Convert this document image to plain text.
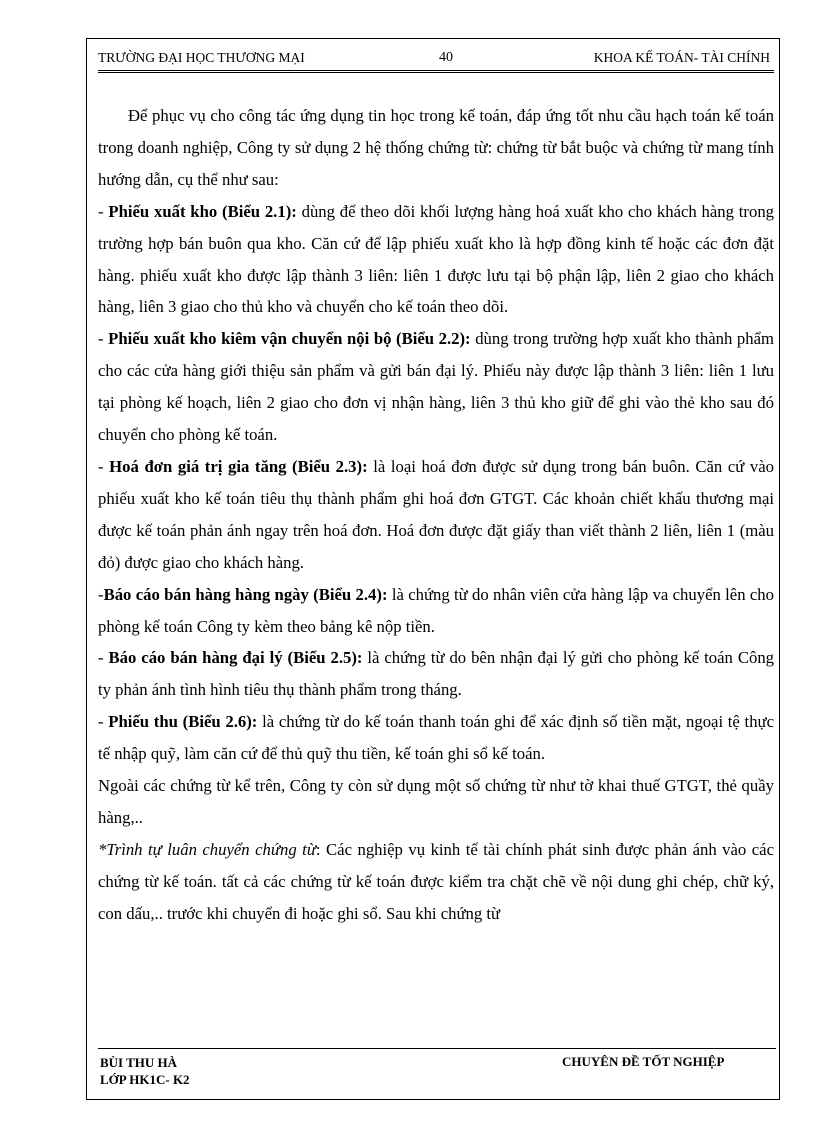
TRƯỜNG ĐẠI HỌC THƯƠNG MẠI	40	KHOA KẾ TOÁN- TÀI CHÍNH

Để phục vụ cho công tác ứng dụng tin học trong kế toán, đáp ứng tốt nhu cầu hạch toán kế toán trong doanh nghiệp, Công ty sử dụng 2 hệ thống chứng từ: chứng từ bắt buộc và chứng từ mang tính hướng dẫn, cụ thể như sau:

- Phiếu xuất kho (Biểu 2.1): dùng để theo dõi khối lượng hàng hoá xuất kho cho khách hàng trong trường hợp bán buôn qua kho. Căn cứ để lập phiếu xuất kho là hợp đồng kinh tế hoặc các đơn đặt hàng. phiếu xuất kho được lập thành 3 liên: liên 1 được lưu tại bộ phận lập, liên 2 giao cho khách hàng, liên 3 giao cho thủ kho và chuyển cho kế toán theo dõi.

- Phiếu xuất kho kiêm vận chuyển nội bộ (Biểu 2.2): dùng trong trường hợp xuất kho thành phẩm cho các cửa hàng giới thiệu sản phẩm và gửi bán đại lý. Phiếu này được lập thành 3 liên: liên 1 lưu tại phòng kế hoạch, liên 2 giao cho đơn vị nhận hàng, liên 3 thủ kho giữ để ghi vào thẻ kho sau đó chuyển cho phòng kế toán.

- Hoá đơn giá trị gia tăng (Biểu 2.3): là loại hoá đơn được sử dụng trong bán buôn. Căn cứ vào phiếu xuất kho kế toán tiêu thụ thành phẩm ghi hoá đơn GTGT. Các khoản chiết khấu thương mại được kế toán phản ánh ngay trên hoá đơn. Hoá đơn được đặt giấy than viết thành 2 liên, liên 1 (màu đỏ) được giao cho khách hàng.

-Báo cáo bán hàng hàng ngày (Biểu 2.4): là chứng từ do nhân viên cửa hàng lập va chuyển lên cho phòng kế toán Công ty kèm theo bảng kê nộp tiền.

- Báo cáo bán hàng đại lý (Biểu 2.5): là chứng từ do bên nhận đại lý gửi cho phòng kế toán Công ty phản ánh tình hình tiêu thụ thành phẩm trong tháng.

- Phiếu thu (Biểu 2.6): là chứng từ do kế toán thanh toán ghi để xác định số tiền mặt, ngoại tệ thực tế nhập quỹ, làm căn cứ để thủ quỹ thu tiền, kế toán ghi sổ kế toán.

Ngoài các chứng từ kể trên, Công ty còn sử dụng một số chứng từ như tờ khai thuế GTGT, thẻ quầy hàng,..

*Trình tự luân chuyển chứng từ: Các nghiệp vụ kinh tế tài chính phát sinh được phản ánh vào các chứng từ kế toán. tất cả các chứng từ kế toán được kiểm tra chặt chẽ về nội dung ghi chép, chữ ký, con dấu,.. trước khi chuyển đi hoặc ghi sổ. Sau khi chứng từ

BÙI THU HÀ
LỚP HK1C- K2
CHUYÊN ĐỀ TỐT NGHIỆP
